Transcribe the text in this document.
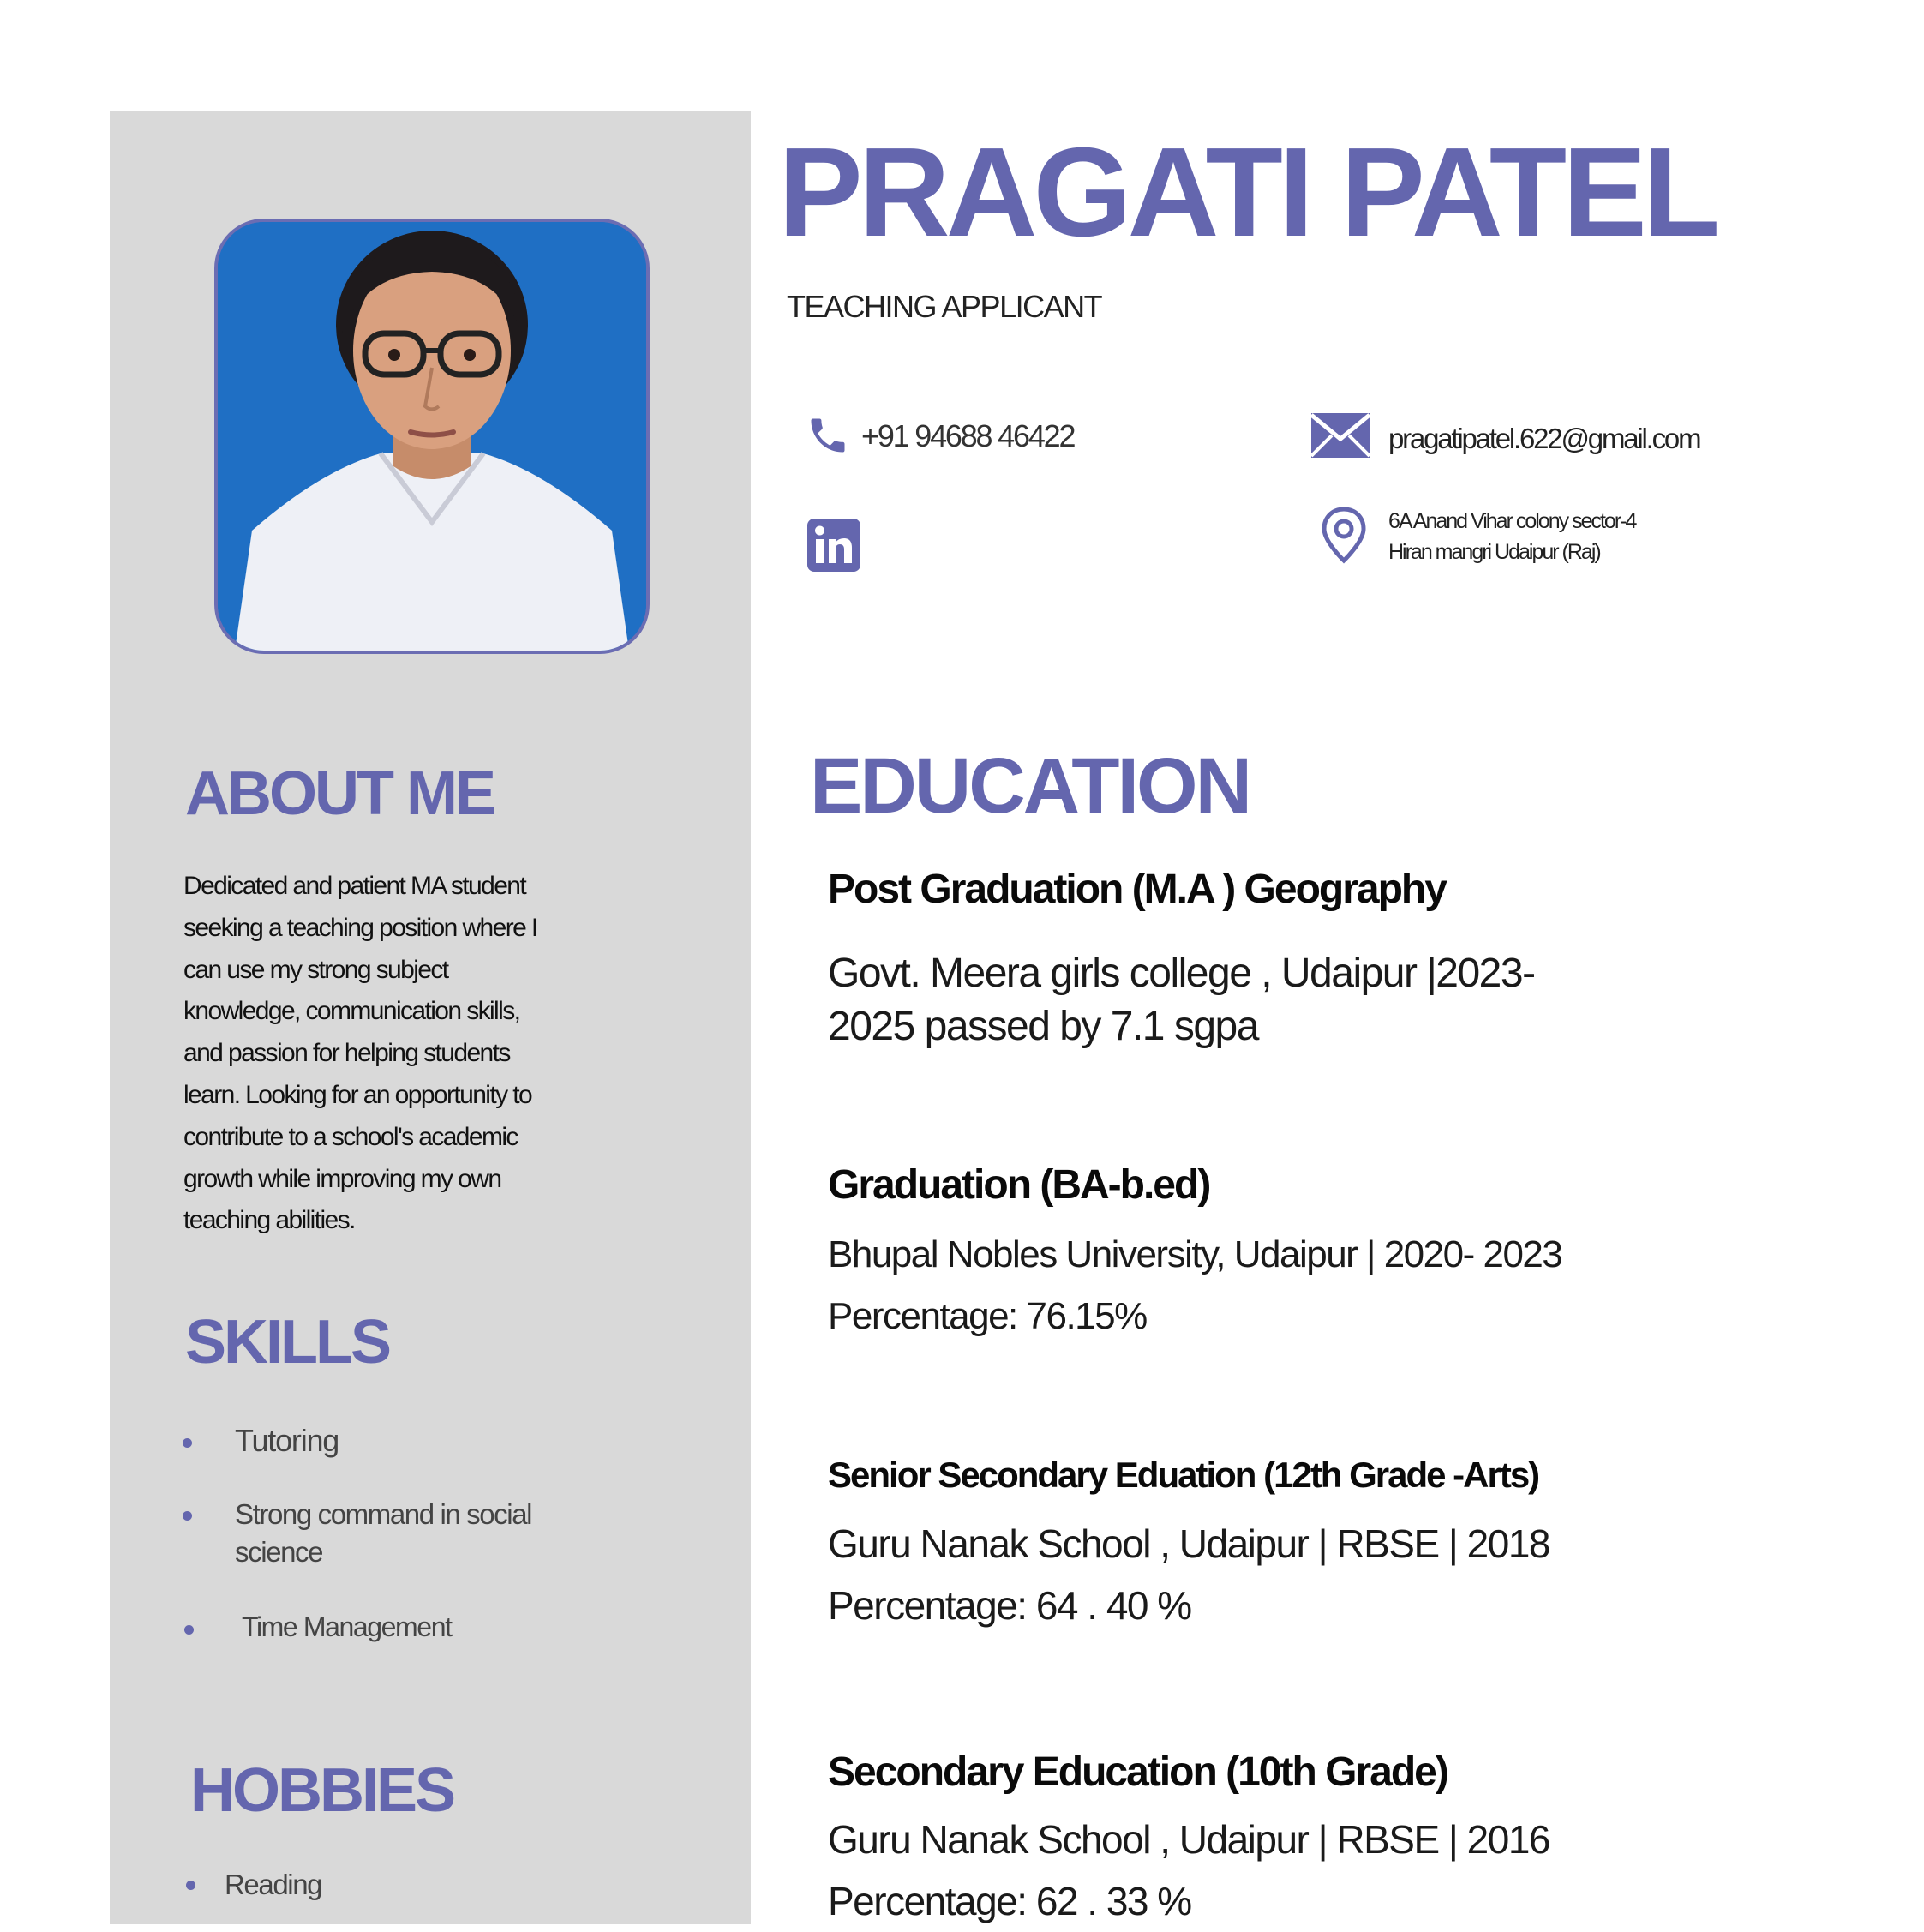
ABOUT ME
Dedicated and patient MA student
seeking a teaching position where I
can use my strong subject
knowledge, communication skills,
and passion for helping students
learn. Looking for an opportunity to
contribute to a school's academic
growth while improving my own
teaching abilities.
SKILLS
Tutoring
Strong command in social
science
Time Management
HOBBIES
Reading
PRAGATI PATEL
TEACHING APPLICANT
+91 94688 46422	pragatipatel.622@gmail.com
6A Anand Vihar colony sector-4
Hiran mangri Udaipur (Raj)
EDUCATION
Post Graduation (M.A ) Geography
Govt. Meera girls college , Udaipur |2023-
2025 passed by 7.1 sgpa
Graduation (BA-b.ed)
Bhupal Nobles University, Udaipur | 2020- 2023
Percentage: 76.15%
Senior Secondary Eduation (12th Grade -Arts)
Guru Nanak School , Udaipur | RBSE | 2018
Percentage: 64 . 40 %
Secondary Education (10th Grade)
Guru Nanak School , Udaipur | RBSE | 2016
Percentage: 62 . 33 %
